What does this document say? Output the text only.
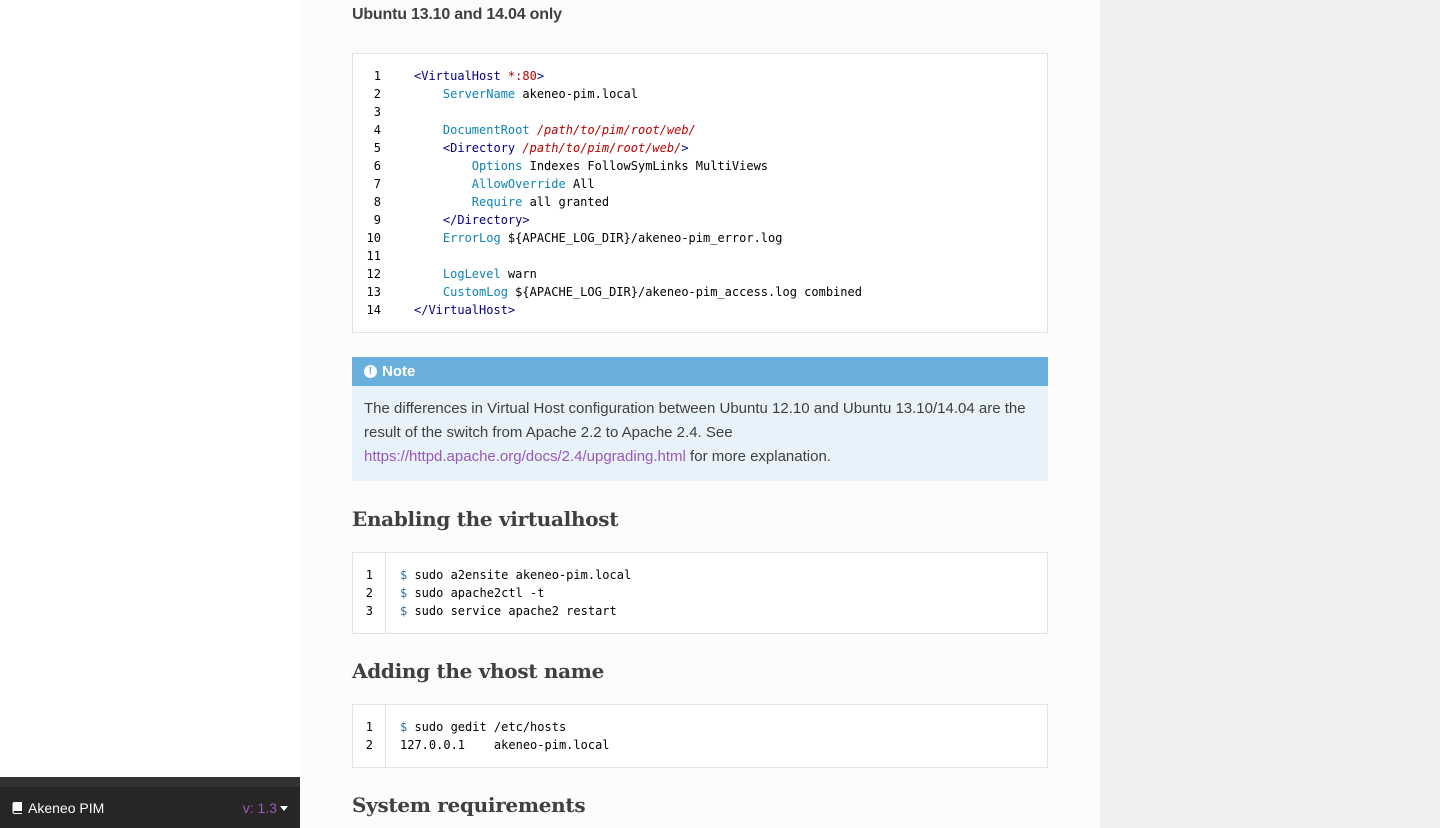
Ubuntu 13.10 and 14.04 only
1
2
3
4
5
6
7
8
9
10
11
12
13
14
<VirtualHost *:80>
ServerName akeneo-pim.local
DocumentRoot /path/to/pim/root/web/
<Directory /path/to/pim/root/web/>
Options Indexes FollowSymLinks MultiViews
AllowOverride All
Require all granted
</Directory>
ErrorLog ${APACHE_LOG_DIR}/akeneo-pim_error.log
LogLevel warn
CustomLog ${APACHE_LOG_DIR}/akeneo-pim_access.log combined
</VirtualHost>
! Note
The differences in Virtual Host configuration between Ubuntu 12.10 and Ubuntu 13.10/14.04 are the result of the switch from Apache 2.2 to Apache 2.4. See https://httpd.apache.org/docs/2.4/upgrading.html for more explanation.
Enabling the virtualhost
1
2
3
$ sudo a2ensite akeneo-pim.local
$ sudo apache2ctl -t
$ sudo service apache2 restart
Adding the vhost name
1
2
$ sudo gedit /etc/hosts
127.0.0.1    akeneo-pim.local
System requirements
Akeneo PIM	v: 1.3
